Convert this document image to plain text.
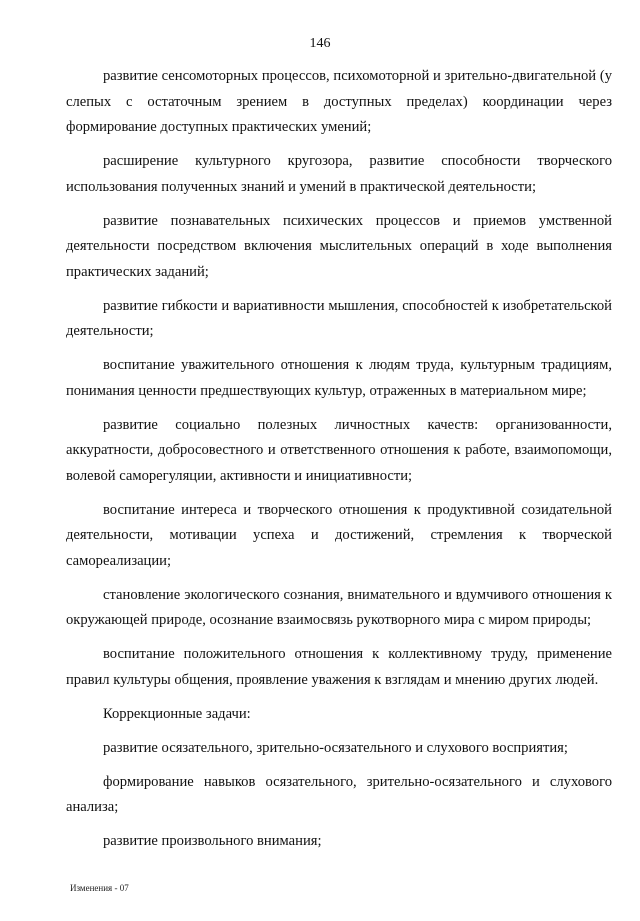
146

развитие сенсомоторных процессов, психомоторной и зрительно-двигательной (у слепых с остаточным зрением в доступных пределах) координации через формирование доступных практических умений;

расширение культурного кругозора, развитие способности творческого использования полученных знаний и умений в практической деятельности;

развитие познавательных психических процессов и приемов умственной деятельности посредством включения мыслительных операций в ходе выполнения практических заданий;

развитие гибкости и вариативности мышления, способностей к изобретательской деятельности;

воспитание уважительного отношения к людям труда, культурным традициям, понимания ценности предшествующих культур, отраженных в материальном мире;

развитие социально полезных личностных качеств: организованности, аккуратности, добросовестного и ответственного отношения к работе, взаимопомощи, волевой саморегуляции, активности и инициативности;

воспитание интереса и творческого отношения к продуктивной созидательной деятельности, мотивации успеха и достижений, стремления к творческой самореализации;

становление экологического сознания, внимательного и вдумчивого отношения к окружающей природе, осознание взаимосвязь рукотворного мира с миром природы;

воспитание положительного отношения к коллективному труду, применение правил культуры общения, проявление уважения к взглядам и мнению других людей.

Коррекционные задачи:

развитие осязательного, зрительно-осязательного и слухового восприятия;

формирование навыков осязательного, зрительно-осязательного и слухового анализа;

развитие произвольного внимания;

Изменения - 07
